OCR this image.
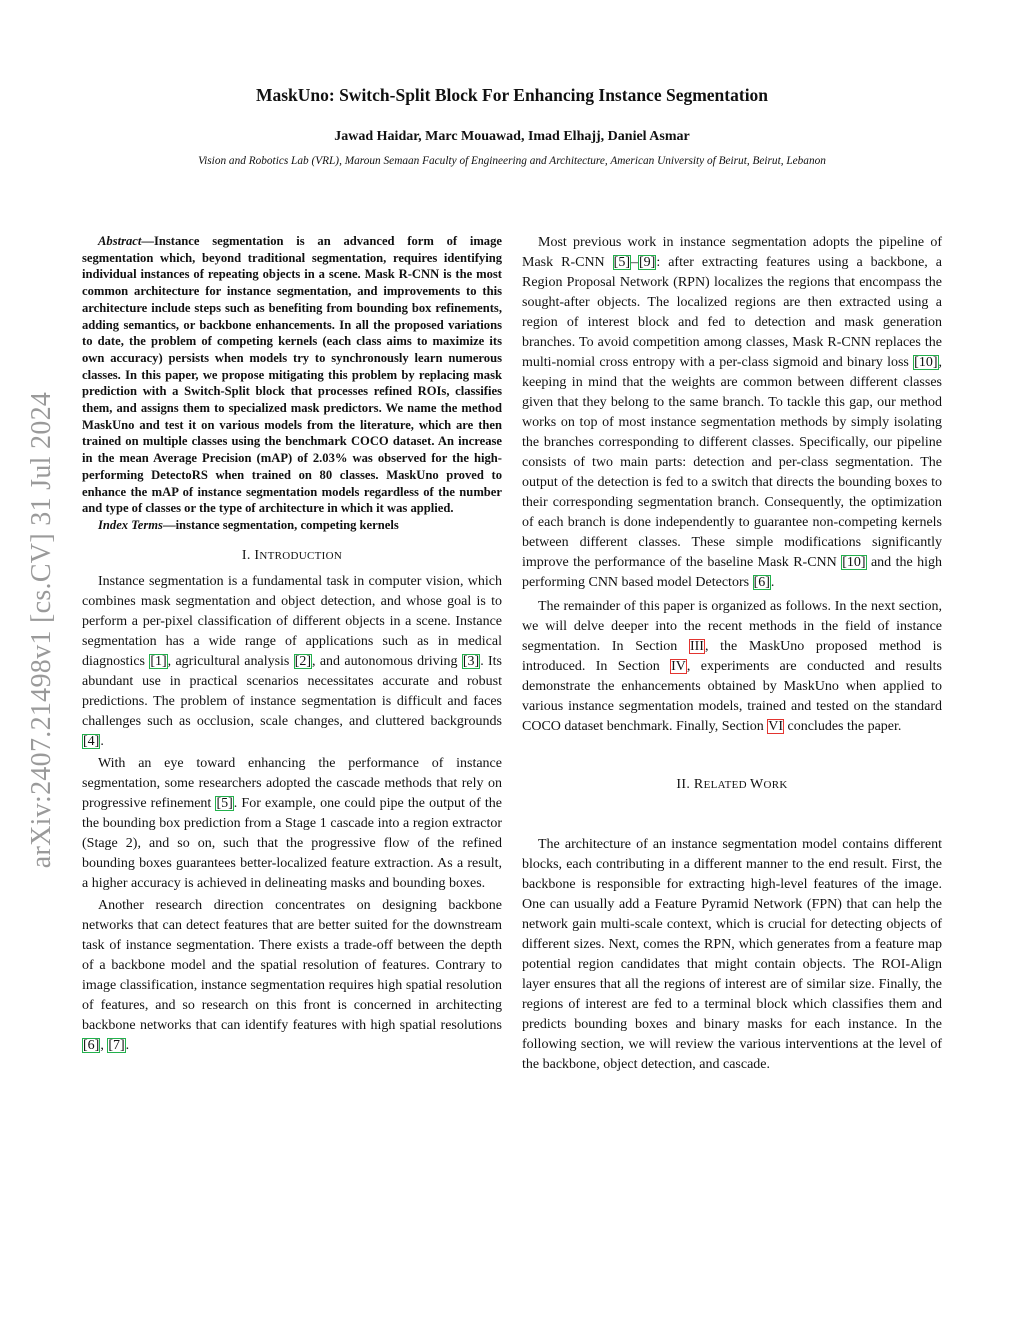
arXiv:2407.21498v1 [cs.CV] 31 Jul 2024
MaskUno: Switch-Split Block For Enhancing Instance Segmentation
Jawad Haidar, Marc Mouawad, Imad Elhajj, Daniel Asmar
Vision and Robotics Lab (VRL), Maroun Semaan Faculty of Engineering and Architecture, American University of Beirut, Beirut, Lebanon

Abstract—Instance segmentation is an advanced form of image segmentation which, beyond traditional segmentation, requires identifying individual instances of repeating objects in a scene. Mask R-CNN is the most common architecture for instance segmentation, and improvements to this architecture include steps such as benefiting from bounding box refinements, adding semantics, or backbone enhancements. In all the proposed variations to date, the problem of competing kernels (each class aims to maximize its own accuracy) persists when models try to synchronously learn numerous classes. In this paper, we propose mitigating this problem by replacing mask prediction with a Switch-Split block that processes refined ROIs, classifies them, and assigns them to specialized mask predictors. We name the method MaskUno and test it on various models from the literature, which are then trained on multiple classes using the benchmark COCO dataset. An increase in the mean Average Precision (mAP) of 2.03% was observed for the high-performing DetectoRS when trained on 80 classes. MaskUno proved to enhance the mAP of instance segmentation models regardless of the number and type of classes or the type of architecture in which it was applied.

Index Terms—instance segmentation, competing kernels

I. INTRODUCTION

Instance segmentation is a fundamental task in computer vision, which combines mask segmentation and object detection, and whose goal is to perform a per-pixel classification of different objects in a scene. Instance segmentation has a wide range of applications such as in medical diagnostics [1], agricultural analysis [2], and autonomous driving [3]. Its abundant use in practical scenarios necessitates accurate and robust predictions. The problem of instance segmentation is difficult and faces challenges such as occlusion, scale changes, and cluttered backgrounds [4].

With an eye toward enhancing the performance of instance segmentation, some researchers adopted the cascade methods that rely on progressive refinement [5]. For example, one could pipe the output of the the bounding box prediction from a Stage 1 cascade into a region extractor (Stage 2), and so on, such that the progressive flow of the refined bounding boxes guarantees better-localized feature extraction. As a result, a higher accuracy is achieved in delineating masks and bounding boxes.

Another research direction concentrates on designing backbone networks that can detect features that are better suited for the downstream task of instance segmentation. There exists a trade-off between the depth of a backbone model and the spatial resolution of features. Contrary to image classification, instance segmentation requires high spatial resolution of features, and so research on this front is concerned in architecting backbone networks that can identify features with high spatial resolutions [6], [7].

Most previous work in instance segmentation adopts the pipeline of Mask R-CNN [5]–[9]: after extracting features using a backbone, a Region Proposal Network (RPN) localizes the regions that encompass the sought-after objects. The localized regions are then extracted using a region of interest block and fed to detection and mask generation branches. To avoid competition among classes, Mask R-CNN replaces the multi-nomial cross entropy with a per-class sigmoid and binary loss [10], keeping in mind that the weights are common between different classes given that they belong to the same branch. To tackle this gap, our method works on top of most instance segmentation methods by simply isolating the branches corresponding to different classes. Specifically, our pipeline consists of two main parts: detection and per-class segmentation. The output of the detection is fed to a switch that directs the bounding boxes to their corresponding segmentation branch. Consequently, the optimization of each branch is done independently to guarantee non-competing kernels between different classes. These simple modifications significantly improve the performance of the baseline Mask R-CNN [10] and the high performing CNN based model Detectors [6].

The remainder of this paper is organized as follows. In the next section, we will delve deeper into the recent methods in the field of instance segmentation. In Section III, the MaskUno proposed method is introduced. In Section IV, experiments are conducted and results demonstrate the enhancements obtained by MaskUno when applied to various instance segmentation models, trained and tested on the standard COCO dataset benchmark. Finally, Section VI concludes the paper.

II. RELATED WORK

The architecture of an instance segmentation model contains different blocks, each contributing in a different manner to the end result. First, the backbone is responsible for extracting high-level features of the image. One can usually add a Feature Pyramid Network (FPN) that can help the network gain multi-scale context, which is crucial for detecting objects of different sizes. Next, comes the RPN, which generates from a feature map potential region candidates that might contain objects. The ROI-Align layer ensures that all the regions of interest are of similar size. Finally, the regions of interest are fed to a terminal block which classifies them and predicts bounding boxes and binary masks for each instance. In the following section, we will review the various interventions at the level of the backbone, object detection, and cascade.
